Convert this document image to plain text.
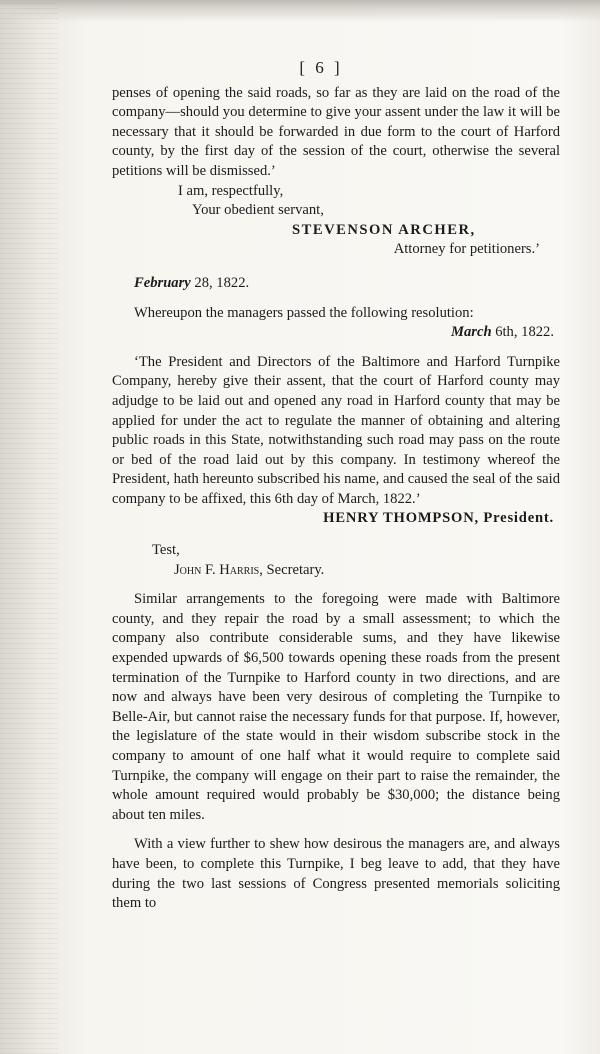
[ 6 ]

penses of opening the said roads, so far as they are laid on the road of the company—should you determine to give your assent under the law it will be necessary that it should be forwarded in due form to the court of Harford county, by the first day of the session of the court, otherwise the several petitions will be dismissed.’

I am, respectfully,
Your obedient servant,
STEVENSON ARCHER,
Attorney for petitioners.’
February 28, 1822.
Whereupon the managers passed the following resolution:
March 6th, 1822.

‘The President and Directors of the Baltimore and Harford Turnpike Company, hereby give their assent, that the court of Harford county may adjudge to be laid out and opened any road in Harford county that may be applied for under the act to regulate the manner of obtaining and altering public roads in this State, notwithstanding such road may pass on the route or bed of the road laid out by this company. In testimony whereof the President, hath hereunto subscribed his name, and caused the seal of the said company to be affixed, this 6th day of March, 1822.’

HENRY THOMPSON, President.
Test,
John F. Harris, Secretary.

Similar arrangements to the foregoing were made with Baltimore county, and they repair the road by a small assessment; to which the company also contribute considerable sums, and they have likewise expended upwards of $6,500 towards opening these roads from the present termination of the Turnpike to Harford county in two directions, and are now and always have been very desirous of completing the Turnpike to Belle-Air, but cannot raise the necessary funds for that purpose. If, however, the legislature of the state would in their wisdom subscribe stock in the company to amount of one half what it would require to complete said Turnpike, the company will engage on their part to raise the remainder, the whole amount required would probably be $30,000; the distance being about ten miles.

With a view further to shew how desirous the managers are, and always have been, to complete this Turnpike, I beg leave to add, that they have during the two last sessions of Congress presented memorials soliciting them to
